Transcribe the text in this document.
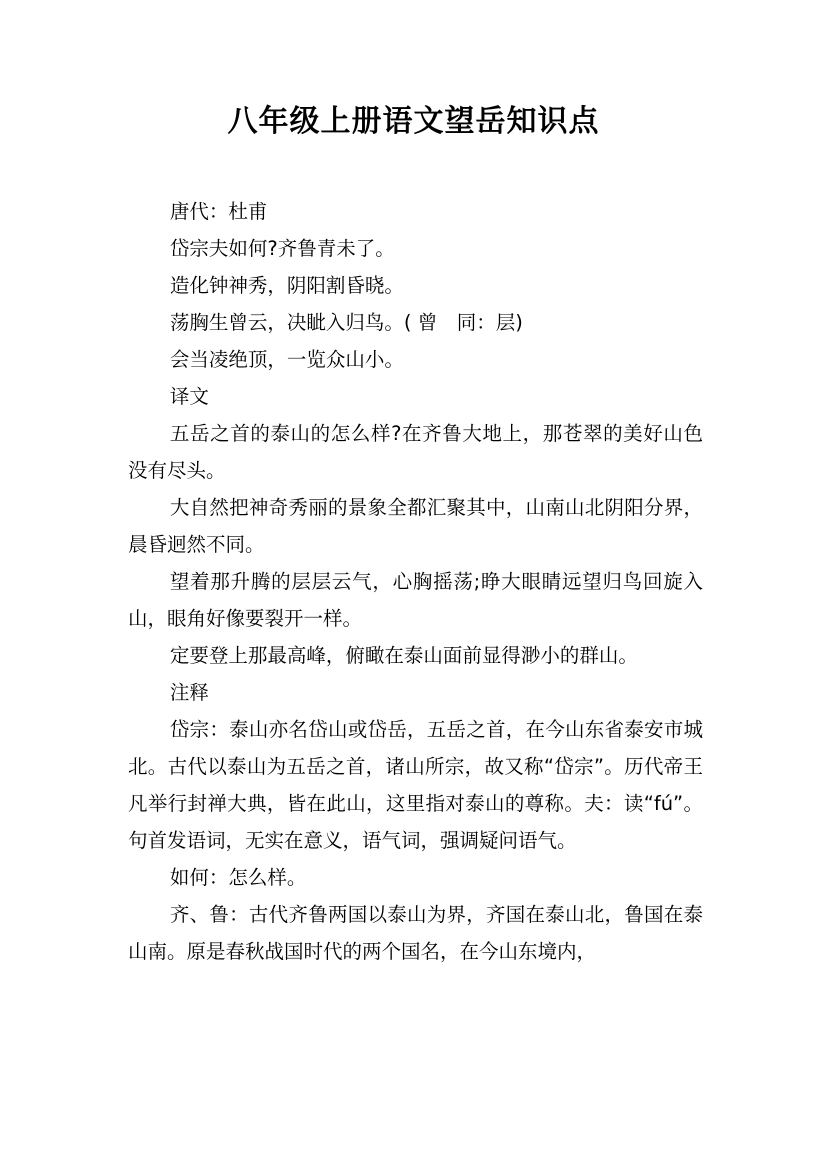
八年级上册语文望岳知识点

唐代：杜甫

岱宗夫如何?齐鲁青未了。

造化钟神秀，阴阳割昏晓。

荡胸生曾云，决眦入归鸟。( 曾　同：层)

会当凌绝顶，一览众山小。

译文

五岳之首的泰山的怎么样?在齐鲁大地上，那苍翠的美好山色没有尽头。

大自然把神奇秀丽的景象全都汇聚其中，山南山北阴阳分界，晨昏迥然不同。

望着那升腾的层层云气，心胸摇荡;睁大眼睛远望归鸟回旋入山，眼角好像要裂开一样。

定要登上那最高峰，俯瞰在泰山面前显得渺小的群山。

注释

岱宗：泰山亦名岱山或岱岳，五岳之首，在今山东省泰安市城北。古代以泰山为五岳之首，诸山所宗，故又称“岱宗”。历代帝王凡举行封禅大典，皆在此山，这里指对泰山的尊称。夫：读“fú”。句首发语词，无实在意义，语气词，强调疑问语气。

如何：怎么样。

齐、鲁：古代齐鲁两国以泰山为界，齐国在泰山北，鲁国在泰山南。原是春秋战国时代的两个国名，在今山东境内，
